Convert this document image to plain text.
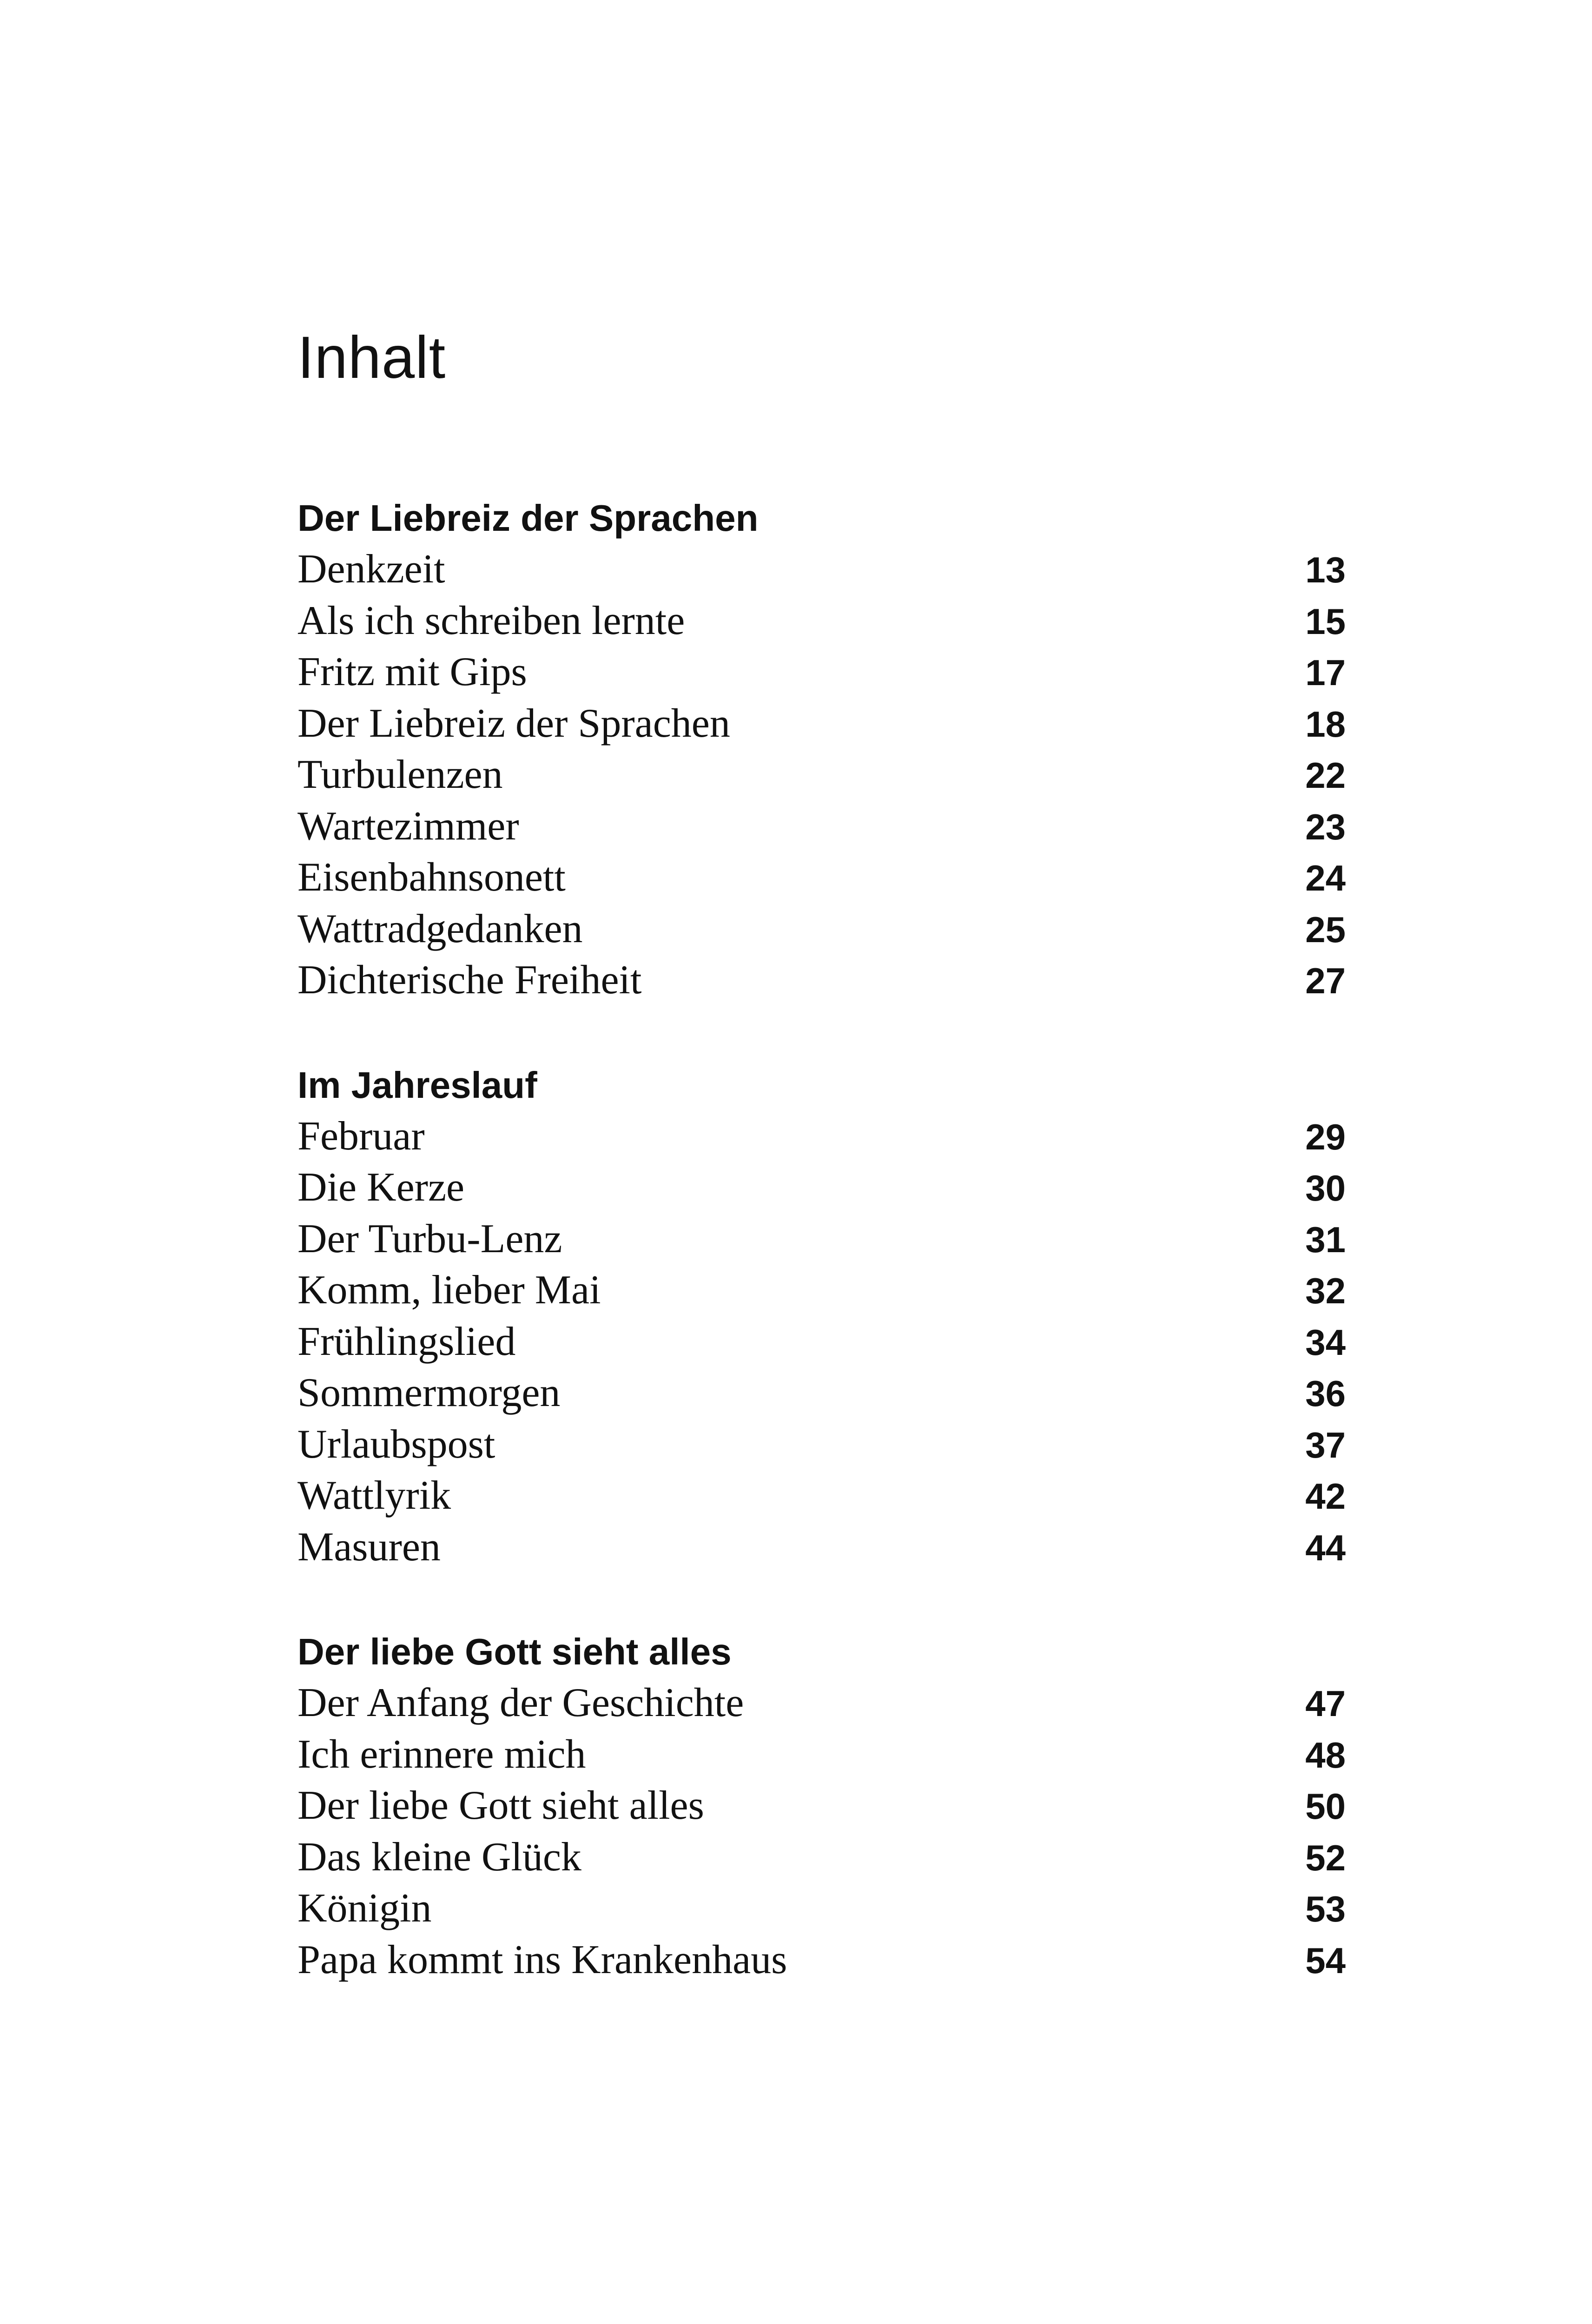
Inhalt
Der Liebreiz der Sprachen
Denkzeit	13
Als ich schreiben lernte	15
Fritz mit Gips	17
Der Liebreiz der Sprachen	18
Turbulenzen	22
Wartezimmer	23
Eisenbahnsonett	24
Wattradgedanken	25
Dichterische Freiheit	27
Im Jahreslauf
Februar	29
Die Kerze	30
Der Turbu-Lenz	31
Komm, lieber Mai	32
Frühlingslied	34
Sommermorgen	36
Urlaubspost	37
Wattlyrik	42
Masuren	44
Der liebe Gott sieht alles
Der Anfang der Geschichte	47
Ich erinnere mich	48
Der liebe Gott sieht alles	50
Das kleine Glück	52
Königin	53
Papa kommt ins Krankenhaus	54
